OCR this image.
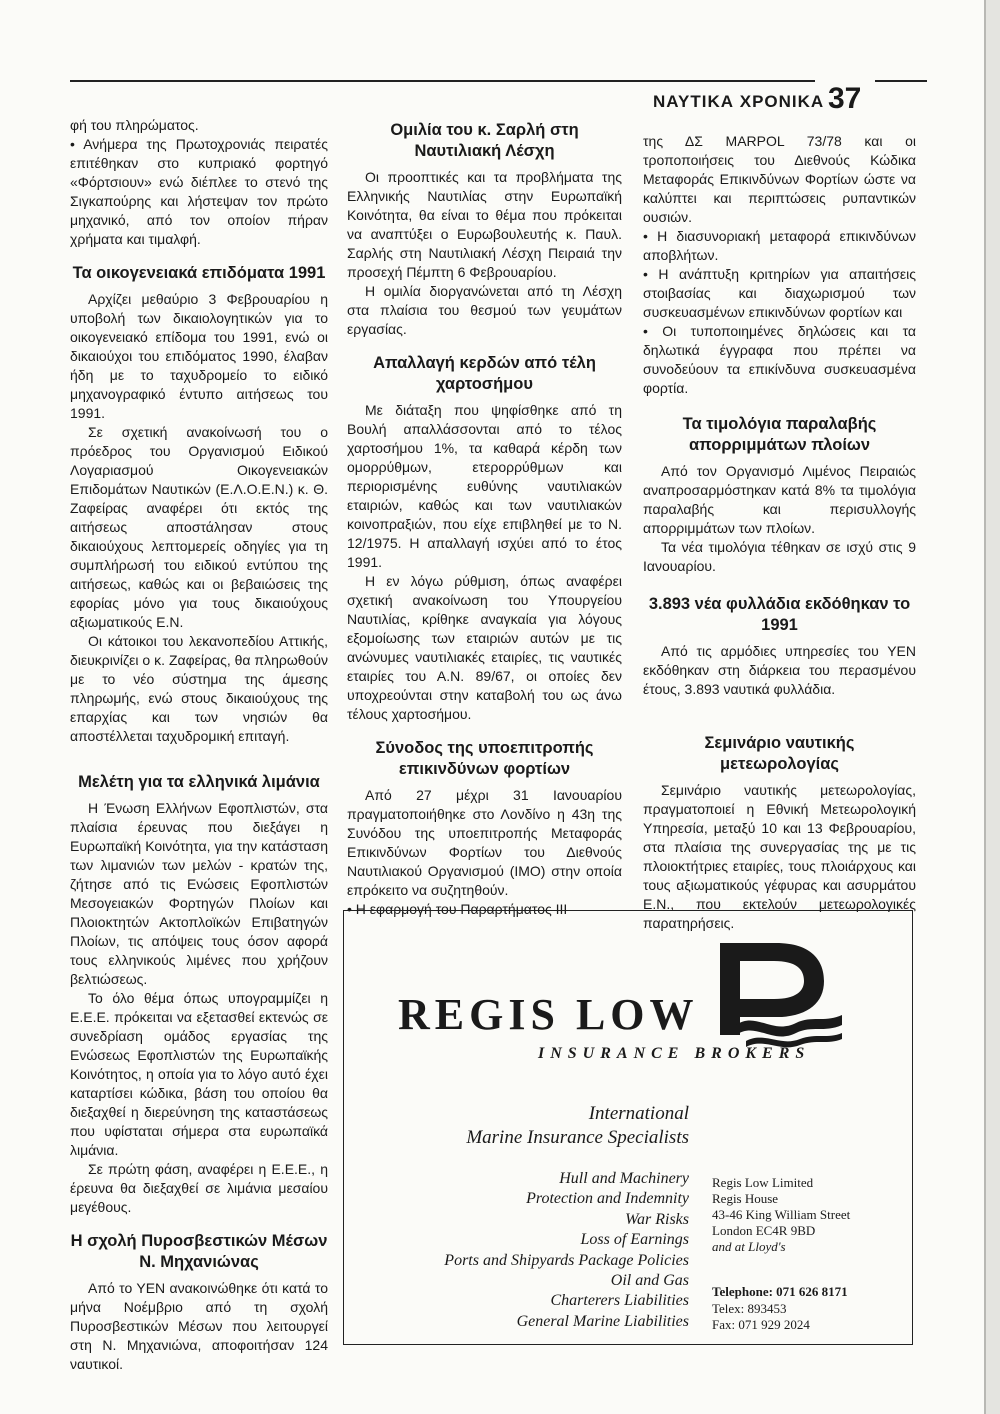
ΝΑΥΤΙΚΑ ΧΡΟΝΙΚΑ 37

φή του πληρώματος.

• Ανήμερα της Πρωτοχρονιάς πειρατές επιτέθηκαν στο κυπριακό φορτηγό «Φόρτσιουν» ενώ διέπλεε το στενό της Σιγκαπούρης και λήστεψαν τον πρώτο μηχανικό, από τον οποίον πήραν χρήματα και τιμαλφή.

Τα οικογενειακά επιδόματα 1991

Αρχίζει μεθαύριο 3 Φεβρουαρίου η υποβολή των δικαιολογητικών για το οικογενειακό επίδομα του 1991, ενώ οι δικαιούχοι του επιδόματος 1990, έλαβαν ήδη με το ταχυδρομείο το ειδικό μηχανογραφικό έντυπο αιτήσεως του 1991.

Σε σχετική ανακοίνωσή του ο πρόεδρος του Οργανισμού Ειδικού Λογαριασμού Οικογενειακών Επιδομάτων Ναυτικών (Ε.Λ.Ο.Ε.Ν.) κ. Θ. Ζαφείρας αναφέρει ότι εκτός της αιτήσεως αποστάλησαν στους δικαιούχους λεπτομερείς οδηγίες για τη συμπλήρωσή του ειδικού εντύπου της αιτήσεως, καθώς και οι βεβαιώσεις της εφορίας μόνο για τους δικαιούχους αξιωματικούς Ε.Ν.

Οι κάτοικοι του λεκανοπεδίου Αττικής, διευκρινίζει ο κ. Ζαφείρας, θα πληρωθούν με το νέο σύστημα της άμεσης πληρωμής, ενώ στους δικαιούχους της επαρχίας και των νησιών θα αποστέλλεται ταχυδρομική επιταγή.

Μελέτη για τα ελληνικά λιμάνια

Η Ένωση Ελλήνων Εφοπλιστών, στα πλαίσια έρευνας που διεξάγει η Ευρωπαϊκή Κοινότητα, για την κατάσταση των λιμανιών των μελών - κρατών της, ζήτησε από τις Ενώσεις Εφοπλιστών Μεσογειακών Φορτηγών Πλοίων και Πλοιοκτητών Ακτοπλοϊκών Επιβατηγών Πλοίων, τις απόψεις τους όσον αφορά τους ελληνικούς λιμένες που χρήζουν βελτιώσεως.

Το όλο θέμα όπως υπογραμμίζει η Ε.Ε.Ε. πρόκειται να εξετασθεί εκτενώς σε συνεδρίαση ομάδος εργασίας της Ενώσεως Εφοπλιστών της Ευρωπαϊκής Κοινότητος, η οποία για το λόγο αυτό έχει καταρτίσει κώδικα, βάση του οποίου θα διεξαχθεί η διερεύνηση της καταστάσεως που υφίσταται σήμερα στα ευρωπαϊκά λιμάνια.

Σε πρώτη φάση, αναφέρει η Ε.Ε.Ε., η έρευνα θα διεξαχθεί σε λιμάνια μεσαίου μεγέθους.

Η σχολή Πυροσβεστικών Μέσων Ν. Μηχανιώνας

Από το ΥΕΝ ανακοινώθηκε ότι κατά το μήνα Νοέμβριο από τη σχολή Πυροσβεστικών Μέσων που λειτουργεί στη Ν. Μηχανιώνα, αποφοιτήσαν 124 ναυτικοί.

Ομιλία του κ. Σαρλή στη Ναυτιλιακή Λέσχη

Οι προοπτικές και τα προβλήματα της Ελληνικής Ναυτιλίας στην Ευρωπαϊκή Κοινότητα, θα είναι το θέμα που πρόκειται να αναπτύξει ο Ευρωβουλευτής κ. Παυλ. Σαρλής στη Ναυτιλιακή Λέσχη Πειραιά την προσεχή Πέμπτη 6 Φεβρουαρίου.

Η ομιλία διοργανώνεται από τη Λέσχη στα πλαίσια του θεσμού των γευμάτων εργασίας.

Απαλλαγή κερδών από τέλη χαρτοσήμου

Με διάταξη που ψηφίσθηκε από τη Βουλή απαλλάσσονται από το τέλος χαρτοσήμου 1%, τα καθαρά κέρδη των ομορρύθμων, ετερορρύθμων και περιορισμένης ευθύνης ναυτιλιακών εταιριών, καθώς και των ναυτιλιακών κοινοπραξιών, που είχε επιβληθεί με το Ν. 12/1975. Η απαλλαγή ισχύει από το έτος 1991.

Η εν λόγω ρύθμιση, όπως αναφέρει σχετική ανακοίνωση του Υπουργείου Ναυτιλίας, κρίθηκε αναγκαία για λόγους εξομοίωσης των εταιριών αυτών με τις ανώνυμες ναυτιλιακές εταιρίες, τις ναυτικές εταιρίες του Α.Ν. 89/67, οι οποίες δεν υποχρεούνται στην καταβολή του ως άνω τέλους χαρτοσήμου.

Σύνοδος της υποεπιτροπής επικινδύνων φορτίων

Από 27 μέχρι 31 Ιανουαρίου πραγματοποιήθηκε στο Λονδίνο η 43η της Συνόδου της υποεπιτροπής Μεταφοράς Επικινδύνων Φορτίων του Διεθνούς Ναυτιλιακού Οργανισμού (ΙΜΟ) στην οποία επρόκειτο να συζητηθούν.

• Η εφαρμογή του Παραρτήματος III

της ΔΣ MARPOL 73/78 και οι τροποποιήσεις του Διεθνούς Κώδικα Μεταφοράς Επικινδύνων Φορτίων ώστε να καλύπτει και περιπτώσεις ρυπαντικών ουσιών.

• Η διασυνοριακή μεταφορά επικινδύνων αποβλήτων.

• Η ανάπτυξη κριτηρίων για απαιτήσεις στοιβασίας και διαχωρισμού των συσκευασμένων επικινδύνων φορτίων και

• Οι τυποποιημένες δηλώσεις και τα δηλωτικά έγγραφα που πρέπει να συνοδεύουν τα επικίνδυνα συσκευασμένα φορτία.

Τα τιμολόγια παραλαβής απορριμμάτων πλοίων

Από τον Οργανισμό Λιμένος Πειραιώς αναπροσαρμόστηκαν κατά 8% τα τιμολόγια παραλαβής και περισυλλογής απορριμμάτων των πλοίων.

Τα νέα τιμολόγια τέθηκαν σε ισχύ στις 9 Ιανουαρίου.

3.893 νέα φυλλάδια εκδόθηκαν το 1991

Από τις αρμόδιες υπηρεσίες του ΥΕΝ εκδόθηκαν στη διάρκεια του περασμένου έτους, 3.893 ναυτικά φυλλάδια.

Σεμινάριο ναυτικής μετεωρολογίας

Σεμινάριο ναυτικής μετεωρολογίας, πραγματοποιεί η Εθνική Μετεωρολογική Υπηρεσία, μεταξύ 10 και 13 Φεβρουαρίου, στα πλαίσια της συνεργασίας της με τις πλοιοκτήτριες εταιρίες, τους πλοιάρχους και τους αξιωματικούς γέφυρας και ασυρμάτου Ε.Ν., που εκτελούν μετεωρολογικές παρατηρήσεις.

REGIS LOW
INSURANCE BROKERS
International
Marine Insurance Specialists
Hull and Machinery
Protection and Indemnity
War Risks
Loss of Earnings
Ports and Shipyards Package Policies
Oil and Gas
Charterers Liabilities
General Marine Liabilities
Regis Low Limited
Regis House
43-46 King William Street
London EC4R 9BD
and at Lloyd's
Telephone: 071 626 8171
Telex: 893453
Fax: 071 929 2024
